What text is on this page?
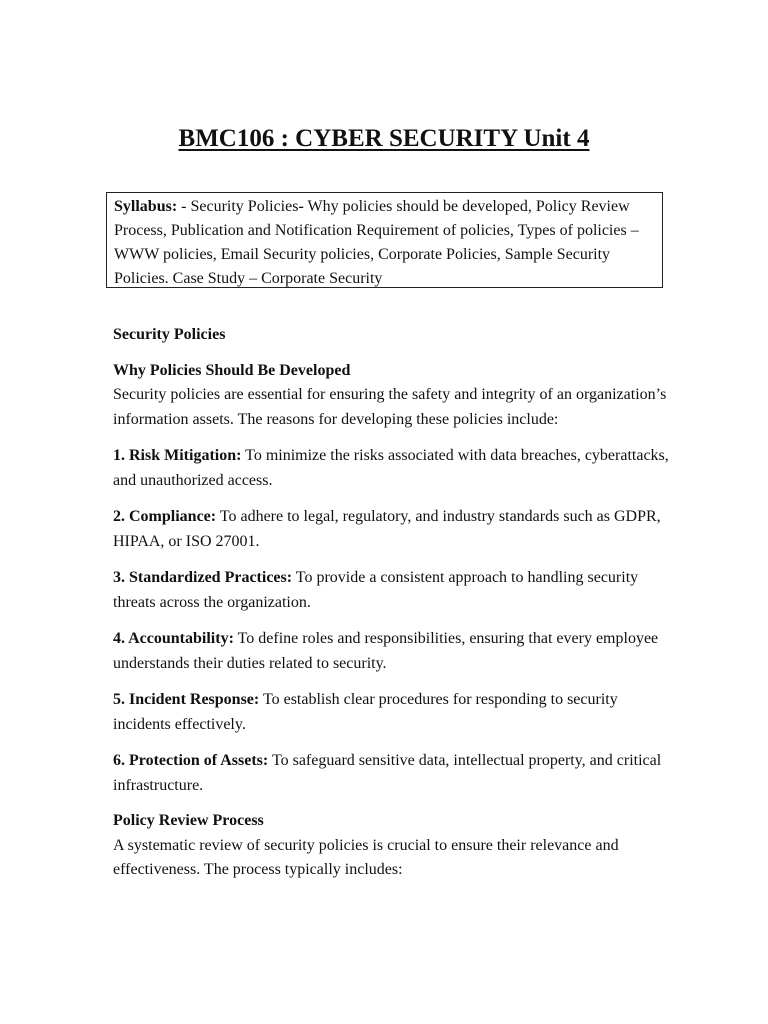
BMC106 : CYBER SECURITY Unit 4
Syllabus: - Security Policies- Why policies should be developed, Policy Review Process, Publication and Notification Requirement of policies, Types of policies – WWW policies, Email Security policies, Corporate Policies, Sample Security Policies. Case Study – Corporate Security

Security Policies

Why Policies Should Be Developed

Security policies are essential for ensuring the safety and integrity of an organization’s information assets. The reasons for developing these policies include:

1. Risk Mitigation: To minimize the risks associated with data breaches, cyberattacks, and unauthorized access.

2. Compliance: To adhere to legal, regulatory, and industry standards such as GDPR, HIPAA, or ISO 27001.

3. Standardized Practices: To provide a consistent approach to handling security threats across the organization.

4. Accountability: To define roles and responsibilities, ensuring that every employee understands their duties related to security.

5. Incident Response: To establish clear procedures for responding to security incidents effectively.

6. Protection of Assets: To safeguard sensitive data, intellectual property, and critical infrastructure.

Policy Review Process

A systematic review of security policies is crucial to ensure their relevance and effectiveness. The process typically includes:
